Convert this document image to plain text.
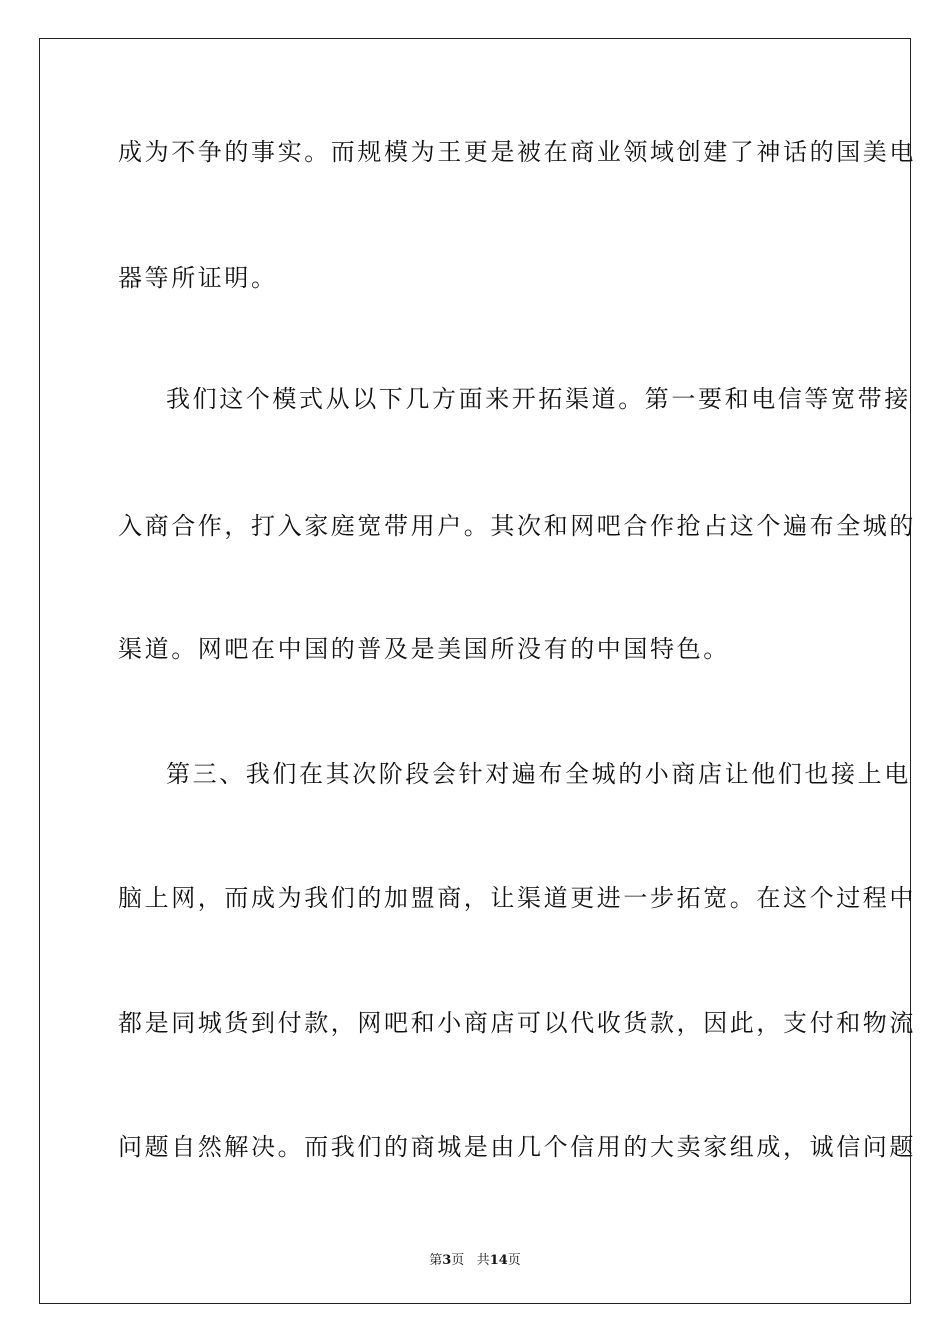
成为不争的事实。而规模为王更是被在商业领域创建了神话的国美电
器等所证明。
我们这个模式从以下几方面来开拓渠道。第一要和电信等宽带接
入商合作，打入家庭宽带用户。其次和网吧合作抢占这个遍布全城的
渠道。网吧在中国的普及是美国所没有的中国特色。
第三、我们在其次阶段会针对遍布全城的小商店让他们也接上电
脑上网，而成为我们的加盟商，让渠道更进一步拓宽。在这个过程中
都是同城货到付款，网吧和小商店可以代收货款，因此，支付和物流
问题自然解决。而我们的商城是由几个信用的大卖家组成，诚信问题
第3页 共14页
